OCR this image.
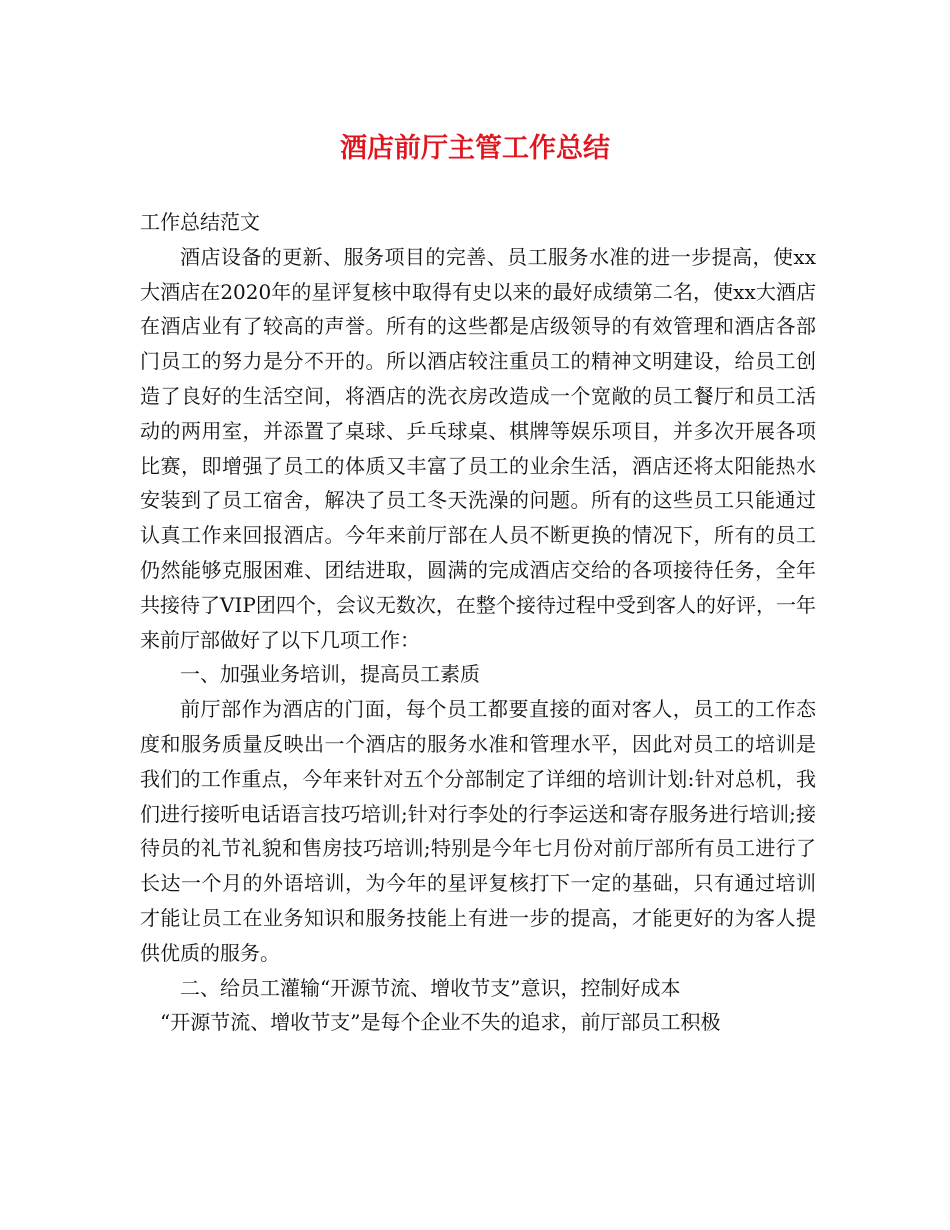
酒店前厅主管工作总结

工作总结范文

酒店设备的更新、服务项目的完善、员工服务水准的进一步提高，使xx大酒店在2020年的星评复核中取得有史以来的最好成绩第二名，使xx大酒店在酒店业有了较高的声誉。所有的这些都是店级领导的有效管理和酒店各部门员工的努力是分不开的。所以酒店较注重员工的精神文明建设，给员工创造了良好的生活空间，将酒店的洗衣房改造成一个宽敞的员工餐厅和员工活动的两用室，并添置了桌球、乒乓球桌、棋牌等娱乐项目，并多次开展各项比赛，即增强了员工的体质又丰富了员工的业余生活，酒店还将太阳能热水安装到了员工宿舍，解决了员工冬天洗澡的问题。所有的这些员工只能通过认真工作来回报酒店。今年来前厅部在人员不断更换的情况下，所有的员工仍然能够克服困难、团结进取，圆满的完成酒店交给的各项接待任务，全年共接待了VIP团四个，会议无数次，在整个接待过程中受到客人的好评，一年来前厅部做好了以下几项工作：

一、加强业务培训，提高员工素质

前厅部作为酒店的门面，每个员工都要直接的面对客人，员工的工作态度和服务质量反映出一个酒店的服务水准和管理水平，因此对员工的培训是我们的工作重点，今年来针对五个分部制定了详细的培训计划:针对总机，我们进行接听电话语言技巧培训;针对行李处的行李运送和寄存服务进行培训;接待员的礼节礼貌和售房技巧培训;特别是今年七月份对前厅部所有员工进行了长达一个月的外语培训，为今年的星评复核打下一定的基础，只有通过培训才能让员工在业务知识和服务技能上有进一步的提高，才能更好的为客人提供优质的服务。

二、给员工灌输“开源节流、增收节支”意识，控制好成本

“开源节流、增收节支”是每个企业不失的追求，前厅部员工积极
